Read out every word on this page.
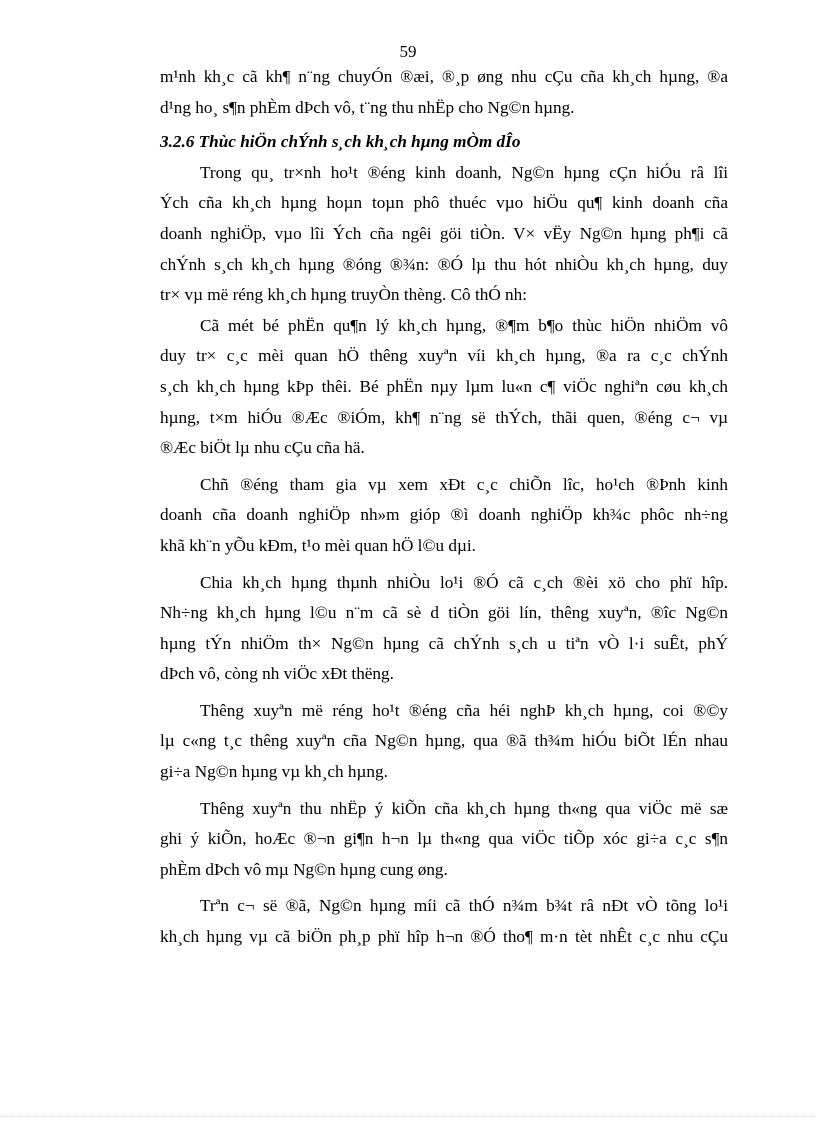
59
m¹nh kh¸c cã kh¶ n¨ng chuyÓn ®æi, ®¸p øng nhu cÇu cña kh¸ch hµng, ®a
d¹ng ho¸ s¶n phÈm dÞch vô, t¨ng thu nhËp cho Ng©n hµng.
3.2.6 Thùc hiÖn chÝnh s¸ch kh¸ch hµng mÒm dÎo
Trong qu¸ tr×nh ho¹t ®éng kinh doanh, Ng©n hµng cÇn hiÓu râ lîi
Ých cña kh¸ch hµng hoµn toµn phô thuéc vµo hiÖu qu¶ kinh doanh cña
doanh nghiÖp, vµo lîi Ých cña ngêi göi tiÒn. V× vËy Ng©n hµng ph¶i cã
chÝnh s¸ch kh¸ch hµng ®óng ®¾n: ®Ó lµ thu hót nhiÒu kh¸ch hµng, duy
tr× vµ më réng kh¸ch hµng truyÒn thèng. Cô thÓ nh:
Cã mét bé phËn qu¶n lý kh¸ch hµng, ®¶m b¶o thùc hiÖn nhiÖm vô
duy tr× c¸c mèi quan hÖ thêng xuyªn víi kh¸ch hµng, ®a ra c¸c chÝnh
s¸ch kh¸ch hµng kÞp thêi. Bé phËn nµy lµm lu«n c¶ viÖc nghiªn cøu kh¸ch
hµng, t×m hiÓu ®Æc ®iÓm, kh¶ n¨ng së thÝch, thãi quen, ®éng c¬ vµ
®Æc biÖt lµ nhu cÇu cña hä.
Chñ ®éng tham gia vµ xem xÐt c¸c chiÕn lîc, ho¹ch ®Þnh kinh
doanh cña doanh nghiÖp nh»m gióp ®ì doanh nghiÖp kh¾c phôc nh÷ng
khã kh¨n yÕu kÐm, t¹o mèi quan hÖ l©u dµi.
Chia kh¸ch hµng thµnh nhiÒu lo¹i ®Ó cã c¸ch ®èi xö cho phï hîp.
Nh÷ng kh¸ch hµng l©u n¨m cã sè d tiÒn göi lín, thêng xuyªn, ®îc Ng©n
hµng tÝn nhiÖm th× Ng©n hµng cã chÝnh s¸ch u tiªn vÒ l·i suÊt, phÝ
dÞch vô, còng nh viÖc xÐt thëng.
Thêng xuyªn më réng ho¹t ®éng cña héi nghÞ kh¸ch hµng, coi ®©y
lµ c«ng t¸c thêng xuyªn cña Ng©n hµng, qua ®ã th¾m hiÓu biÕt lÉn nhau
gi÷a Ng©n hµng vµ kh¸ch hµng.
Thêng xuyªn thu nhËp ý kiÕn cña kh¸ch hµng th«ng qua viÖc më sæ
ghi ý kiÕn, hoÆc ®¬n gi¶n h¬n lµ th«ng qua viÖc tiÕp xóc gi÷a c¸c s¶n
phÈm dÞch vô mµ Ng©n hµng cung øng.
Trªn c¬ së ®ã, Ng©n hµng míi cã thÓ n¾m b¾t râ nÐt vÒ tõng lo¹i
kh¸ch hµng vµ cã biÖn ph¸p phï hîp h¬n ®Ó tho¶ m·n tèt nhÊt c¸c nhu cÇu
